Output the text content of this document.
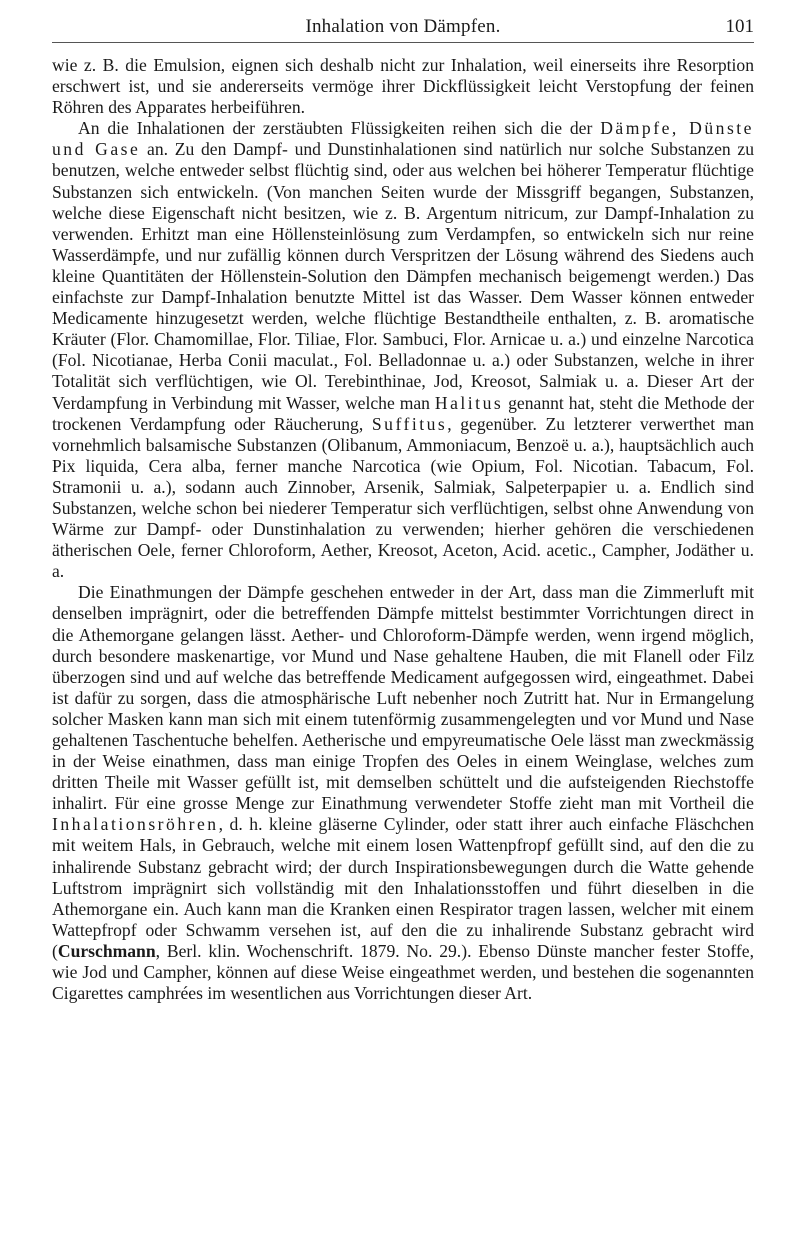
Inhalation von Dämpfen.	101

wie z. B. die Emulsion, eignen sich deshalb nicht zur Inhalation, weil einerseits ihre Resorption erschwert ist, und sie andererseits vermöge ihrer Dickflüssigkeit leicht Verstopfung der feinen Röhren des Apparates herbeiführen.

An die Inhalationen der zerstäubten Flüssigkeiten reihen sich die der Dämpfe, Dünste und Gase an. Zu den Dampf- und Dunstinhalationen sind natürlich nur solche Substanzen zu benutzen, welche entweder selbst flüchtig sind, oder aus welchen bei höherer Temperatur flüchtige Substanzen sich entwickeln. (Von manchen Seiten wurde der Missgriff begangen, Substanzen, welche diese Eigenschaft nicht besitzen, wie z. B. Argentum nitricum, zur Dampf-Inhalation zu verwenden. Erhitzt man eine Höllensteinlösung zum Verdampfen, so entwickeln sich nur reine Wasserdämpfe, und nur zufällig können durch Verspritzen der Lösung während des Siedens auch kleine Quantitäten der Höllenstein-Solution den Dämpfen mechanisch beigemengt werden.) Das einfachste zur Dampf-Inhalation benutzte Mittel ist das Wasser. Dem Wasser können entweder Medicamente hinzugesetzt werden, welche flüchtige Bestandtheile enthalten, z. B. aromatische Kräuter (Flor. Chamomillae, Flor. Tiliae, Flor. Sambuci, Flor. Arnicae u. a.) und einzelne Narcotica (Fol. Nicotianae, Herba Conii maculat., Fol. Belladonnae u. a.) oder Substanzen, welche in ihrer Totalität sich verflüchtigen, wie Ol. Terebinthinae, Jod, Kreosot, Salmiak u. a. Dieser Art der Verdampfung in Verbindung mit Wasser, welche man Halitus genannt hat, steht die Methode der trockenen Verdampfung oder Räucherung, Suffitus, gegenüber. Zu letzterer verwerthet man vornehmlich balsamische Substanzen (Olibanum, Ammoniacum, Benzoë u. a.), hauptsächlich auch Pix liquida, Cera alba, ferner manche Narcotica (wie Opium, Fol. Nicotian. Tabacum, Fol. Stramonii u. a.), sodann auch Zinnober, Arsenik, Salmiak, Salpeterpapier u. a. Endlich sind Substanzen, welche schon bei niederer Temperatur sich verflüchtigen, selbst ohne Anwendung von Wärme zur Dampf- oder Dunstinhalation zu verwenden; hierher gehören die verschiedenen ätherischen Oele, ferner Chloroform, Aether, Kreosot, Aceton, Acid. acetic., Campher, Jodäther u. a.

Die Einathmungen der Dämpfe geschehen entweder in der Art, dass man die Zimmerluft mit denselben imprägnirt, oder die betreffenden Dämpfe mittelst bestimmter Vorrichtungen direct in die Athemorgane gelangen lässt. Aether- und Chloroform-Dämpfe werden, wenn irgend möglich, durch besondere maskenartige, vor Mund und Nase gehaltene Hauben, die mit Flanell oder Filz überzogen sind und auf welche das betreffende Medicament aufgegossen wird, eingeathmet. Dabei ist dafür zu sorgen, dass die atmosphärische Luft nebenher noch Zutritt hat. Nur in Ermangelung solcher Masken kann man sich mit einem tutenförmig zusammengelegten und vor Mund und Nase gehaltenen Taschentuche behelfen. Aetherische und empyreumatische Oele lässt man zweckmässig in der Weise einathmen, dass man einige Tropfen des Oeles in einem Weinglase, welches zum dritten Theile mit Wasser gefüllt ist, mit demselben schüttelt und die aufsteigenden Riechstoffe inhalirt. Für eine grosse Menge zur Einathmung verwendeter Stoffe zieht man mit Vortheil die Inhalationsröhren, d. h. kleine gläserne Cylinder, oder statt ihrer auch einfache Fläschchen mit weitem Hals, in Gebrauch, welche mit einem losen Wattenpfropf gefüllt sind, auf den die zu inhalirende Substanz gebracht wird; der durch Inspirationsbewegungen durch die Watte gehende Luftstrom imprägnirt sich vollständig mit den Inhalationsstoffen und führt dieselben in die Athemorgane ein. Auch kann man die Kranken einen Respirator tragen lassen, welcher mit einem Wattepfropf oder Schwamm versehen ist, auf den die zu inhalirende Substanz gebracht wird (Curschmann, Berl. klin. Wochenschrift. 1879. No. 29.). Ebenso Dünste mancher fester Stoffe, wie Jod und Campher, können auf diese Weise eingeathmet werden, und bestehen die sogenannten Cigarettes camphrées im wesentlichen aus Vorrichtungen dieser Art.
